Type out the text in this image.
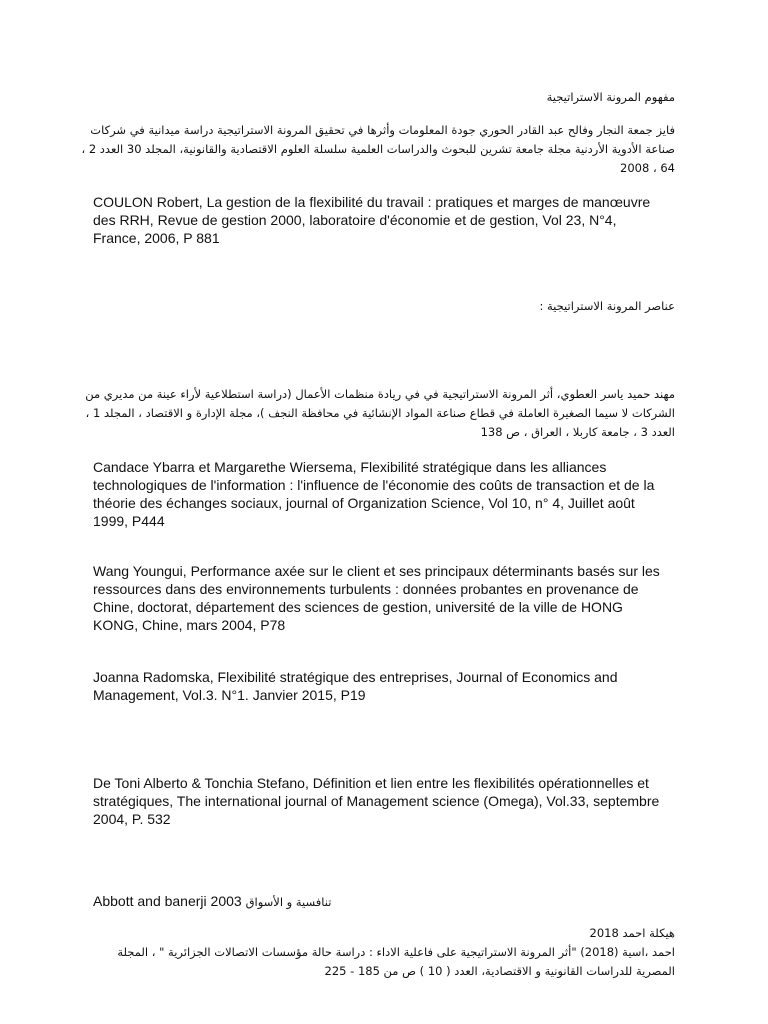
مفهوم المرونة الاستراتيجية
فايز جمعة النجار وفالح عبد القادر الحوري جودة المعلومات وأثرها في تحقيق المرونة الاستراتيجية دراسة ميدانية في شركات
صناعة الأدوية الأردنية مجلة جامعة تشرين للبحوث والدراسات العلمية سلسلة العلوم الاقتصادية والقانونية، المجلد 30 العدد 2 ،
64 ، 2008
COULON Robert, La gestion de la flexibilité du travail : pratiques et marges de manœuvre
des RRH, Revue de gestion 2000, laboratoire d'économie et de gestion, Vol 23, N°4,
France, 2006, P 881
عناصر المرونة الاستراتيجية :
مهند حميد ياسر العطوي، أثر المرونة الاستراتيجية في في ريادة منظمات الأعمال (دراسة استطلاعية لأراء عينة من مديري من
الشركات لا سيما الصغيرة العاملة في قطاع صناعة المواد الإنشائية في محافظة النجف )، مجلة الإدارة و الاقتصاد ، المجلد 1 ،
العدد 3 ، جامعة كاربلا ، العراق ، ص 138
Candace Ybarra et Margarethe Wiersema, Flexibilité stratégique dans les alliances
technologiques de l'information : l'influence de l'économie des coûts de transaction et de la
théorie des échanges sociaux, journal of Organization Science, Vol 10, n° 4, Juillet août
1999, P444
Wang Youngui, Performance axée sur le client et ses principaux déterminants basés sur les
ressources dans des environnements turbulents : données probantes en provenance de
Chine, doctorat, département des sciences de gestion, université de la ville de HONG
KONG, Chine, mars 2004, P78
Joanna Radomska, Flexibilité stratégique des entreprises, Journal of Economics and
Management, Vol.3. N°1. Janvier 2015, P19
De Toni Alberto & Tonchia Stefano, Définition et lien entre les flexibilités opérationnelles et
stratégiques, The international journal of Management science (Omega), Vol.33, septembre
2004, P. 532
Abbott and banerji 2003 تنافسية و الأسواق
هيكلة احمد 2018
احمد ،اسية (2018) "أثر المرونة الاستراتيجية على فاعلية الاداء : دراسة حالة مؤسسات الاتصالات الجزائرية " ، المجلة
المصرية للدراسات القانونية و الاقتصادية، العدد ( 10 ) ص من 185 - 225
